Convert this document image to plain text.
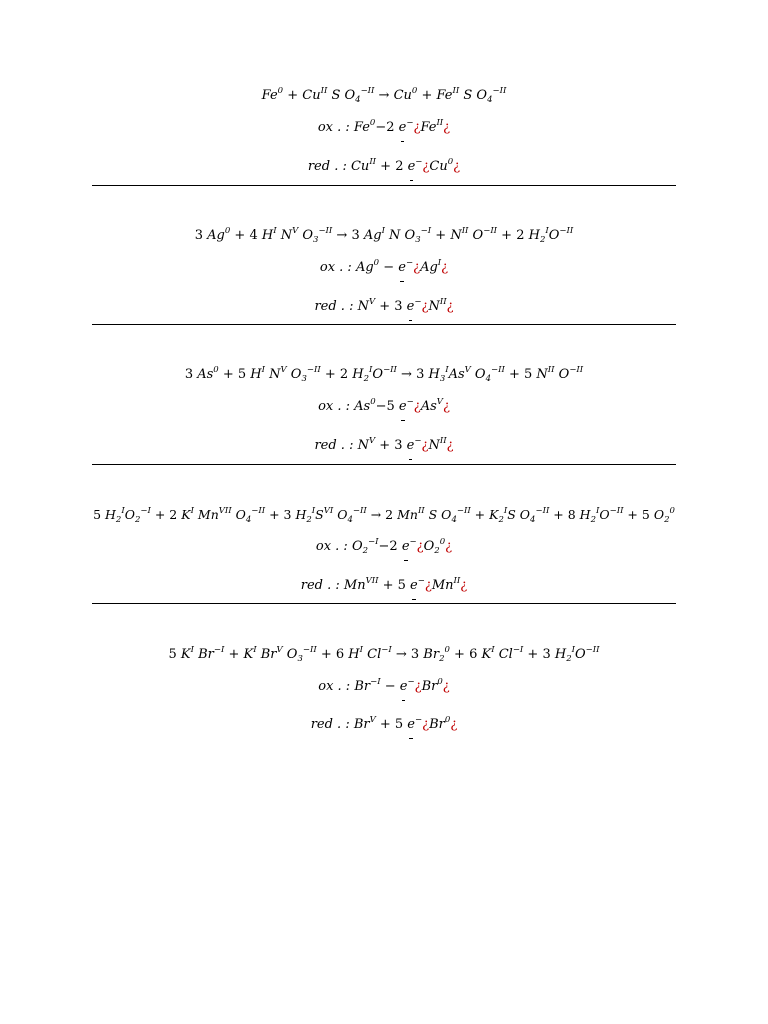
$Fe^0 + Cu^{II}$ S $O_4^{-II} \to Cu^0 + Fe^{II}$ S $O_4^{-II}$
ox . : $Fe^0-2$ $e^-¿Fe^{II}¿$
red . : $Cu^{II} + 2$ e−¿Cu$^0$¿
3 $Ag^0 + 4$ $H^I$ $N^V$ $O_3^{-II} \to 3$ $Ag^I$ N $O_3^{-I} + N^{II}$ $O^{-II} + 2$ $H_2^IO^{-II}$
ox . : $Ag^0$ − $e^-¿Ag^I¿$
red . : $N^V + 3$ $e^-¿N^{II}¿$
3 $As^0 + 5$ $H^I$ $N^V$ $O_3^{-II} + 2$ $H_2^IO^{-II} \to 3$ $H_3^IAs^V$ $O_4^{-II} + 5$ $N^{II}$ $O^{-II}$
ox . : $As^0-5$ $e^-¿As^V¿$
red . : $N^V + 3$ $e^-¿N^{II}¿$
5 $H_2^IO_2^{-I} + 2$ $K^I$ $Mn^{VII}$ $O_4^{-II} + 3$ $H_2^IS^{VI}$ $O_4^{-II} \to 2$ $Mn^{II}$ S $O_4^{-II} + K_2^IS$ $O_4^{-II} + 8$ $H_2^IO^{-II} + 5$ $O_2^0$
ox . : $O_2^{-I}-2$ $e^-¿O_2^0¿$
red . : $Mn^{VII} + 5$ $e^-¿Mn^{II}¿$
5 $K^I$ $Br^{-I} + K^I$ $Br^V$ $O_3^{-II} + 6$ $H^I$ $Cl^{-I} \to 3$ $Br_2^0 + 6$ $K^I$ $Cl^{-I} + 3$ $H_2^IO^{-II}$
ox . : $Br^{-I}$ − $e^-¿Br^0¿$
red . : $Br^V + 5$ e−¿Br$^0$¿
